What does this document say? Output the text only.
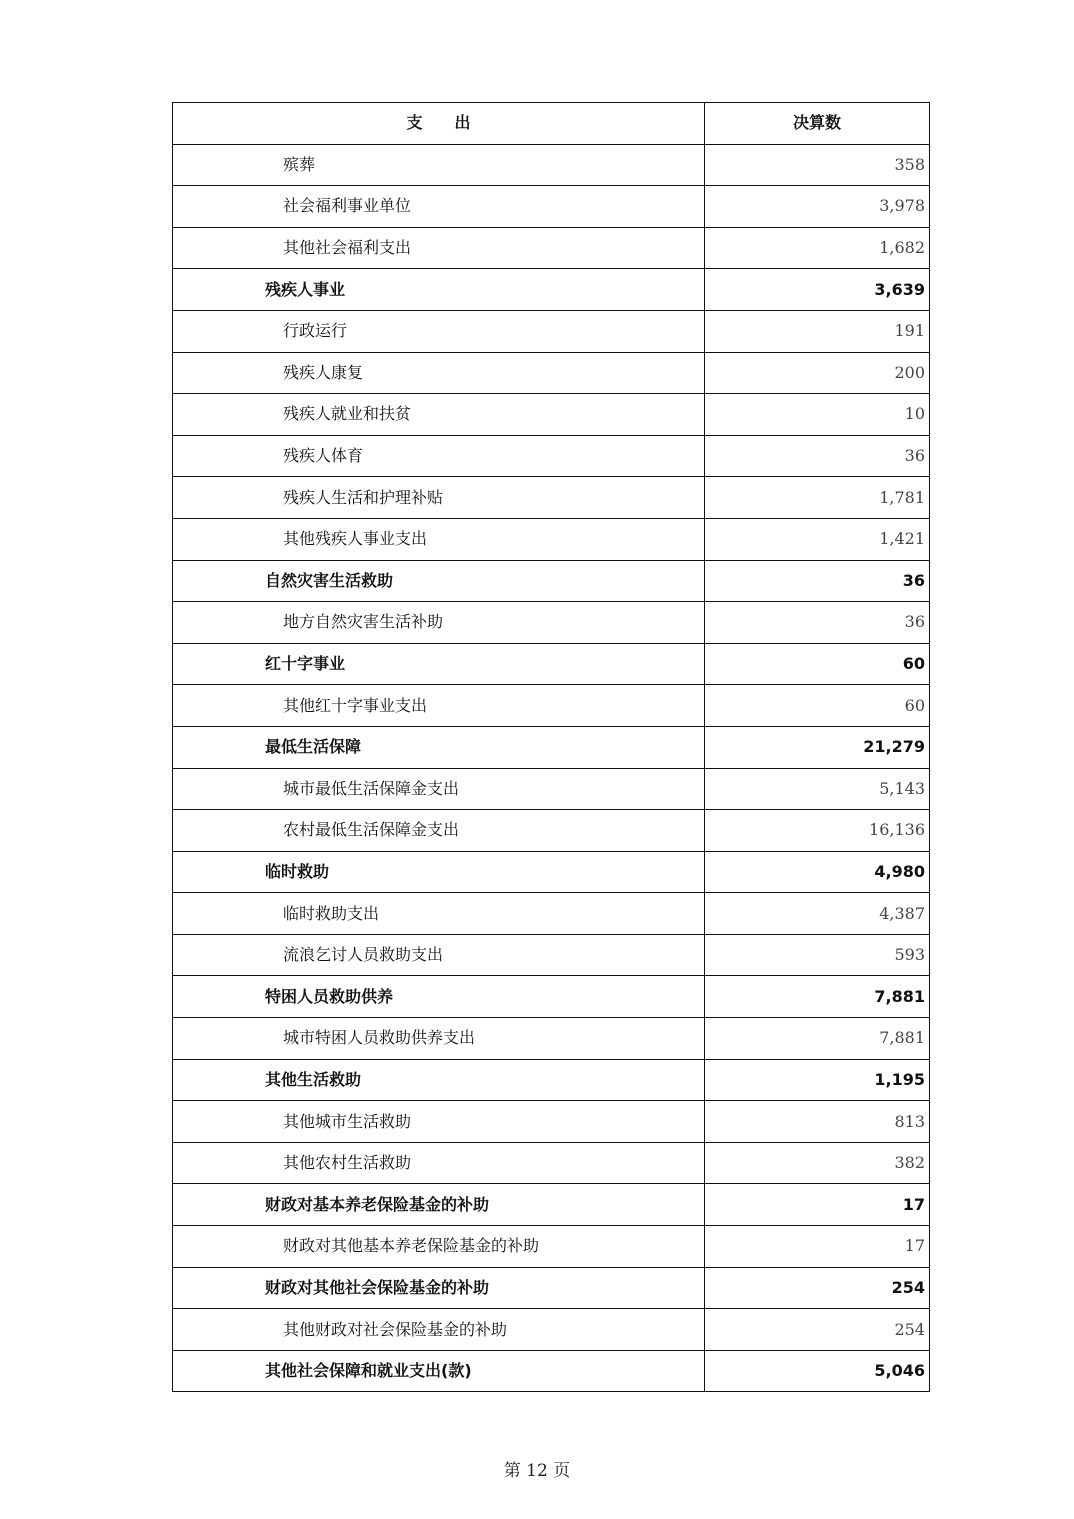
支　　出	决算数
殡葬	358
社会福利事业单位	3,978
其他社会福利支出	1,682
残疾人事业	3,639
行政运行	191
残疾人康复	200
残疾人就业和扶贫	10
残疾人体育	36
残疾人生活和护理补贴	1,781
其他残疾人事业支出	1,421
自然灾害生活救助	36
地方自然灾害生活补助	36
红十字事业	60
其他红十字事业支出	60
最低生活保障	21,279
城市最低生活保障金支出	5,143
农村最低生活保障金支出	16,136
临时救助	4,980
临时救助支出	4,387
流浪乞讨人员救助支出	593
特困人员救助供养	7,881
城市特困人员救助供养支出	7,881
其他生活救助	1,195
其他城市生活救助	813
其他农村生活救助	382
财政对基本养老保险基金的补助	17
财政对其他基本养老保险基金的补助	17
财政对其他社会保险基金的补助	254
其他财政对社会保险基金的补助	254
其他社会保障和就业支出(款)	5,046
第 12 页
